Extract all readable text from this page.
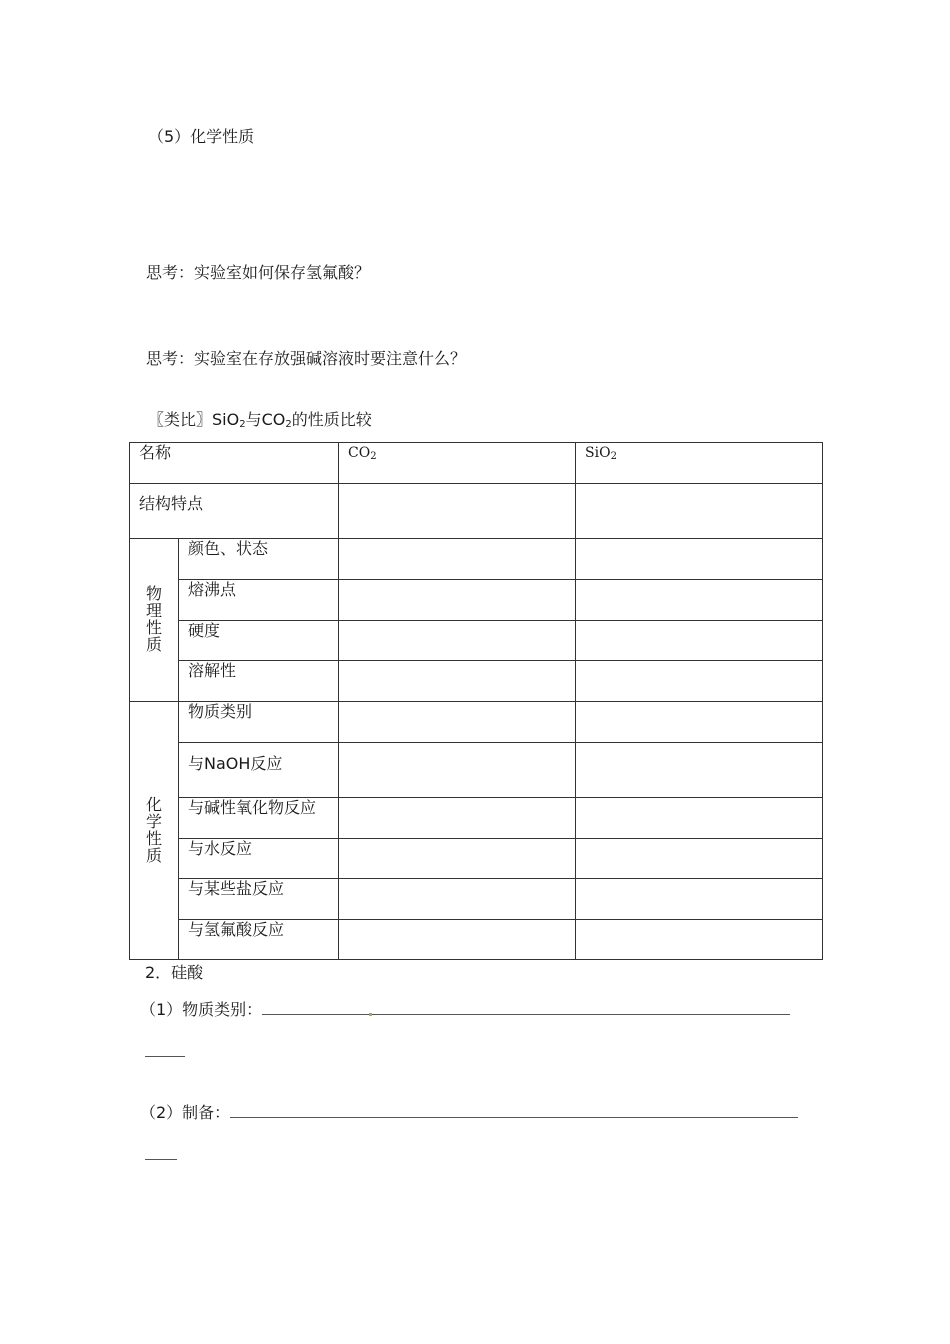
（5）化学性质
思考：实验室如何保存氢氟酸？
思考：实验室在存放强碱溶液时要注意什么？
〖类比〗SiO$_2$与$CO_2$的性质比较
名称		$CO_2$	SiO$_2$
结构特点			
物理性质	颜色、状态		
	熔沸点		
	硬度		
	溶解性		
化学性质	物质类别		
	与NaOH反应		
	与碱性氧化物反应		
	与水反应		
	与某些盐反应		
	与氢氟酸反应		
2．硅酸
（1）物质类别：
（2）制备：
